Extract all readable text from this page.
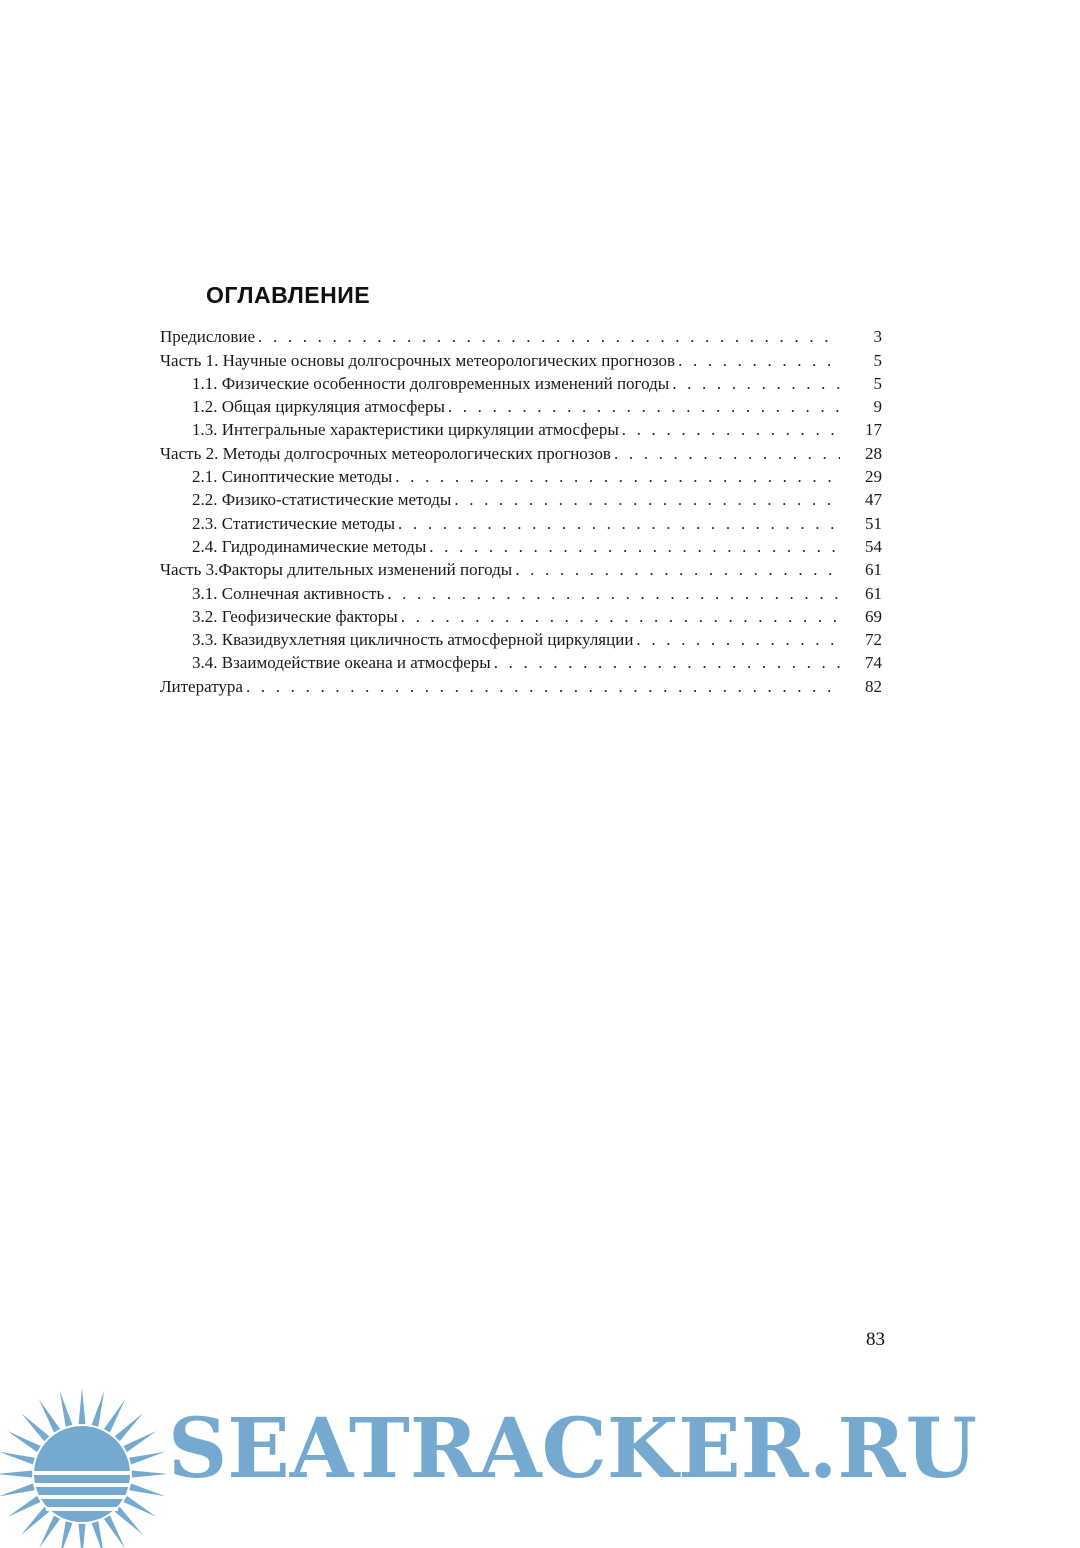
ОГЛАВЛЕНИЕ
Предисловие . . .	3
Часть 1. Научные основы долгосрочных метеорологических прогнозов . . .	5
1.1. Физические особенности долговременных изменений погоды . . .	5
1.2. Общая циркуляция атмосферы . . .	9
1.3. Интегральные характеристики циркуляции атмосферы . . .	17
Часть 2. Методы долгосрочных метеорологических прогнозов . . .	28
2.1. Синоптические методы . . .	29
2.2. Физико-статистические методы . . .	47
2.3. Статистические методы . . .	51
2.4. Гидродинамические методы . . .	54
Часть 3.Факторы длительных изменений погоды . . .	61
3.1. Солнечная активность . . .	61
3.2. Геофизические факторы . . .	69
3.3. Квазидвухлетняя цикличность атмосферной циркуляции . . .	72
3.4. Взаимодействие океана и атмосферы . . .	74
Литература . . .	82
83
SEATRACKER.RU
